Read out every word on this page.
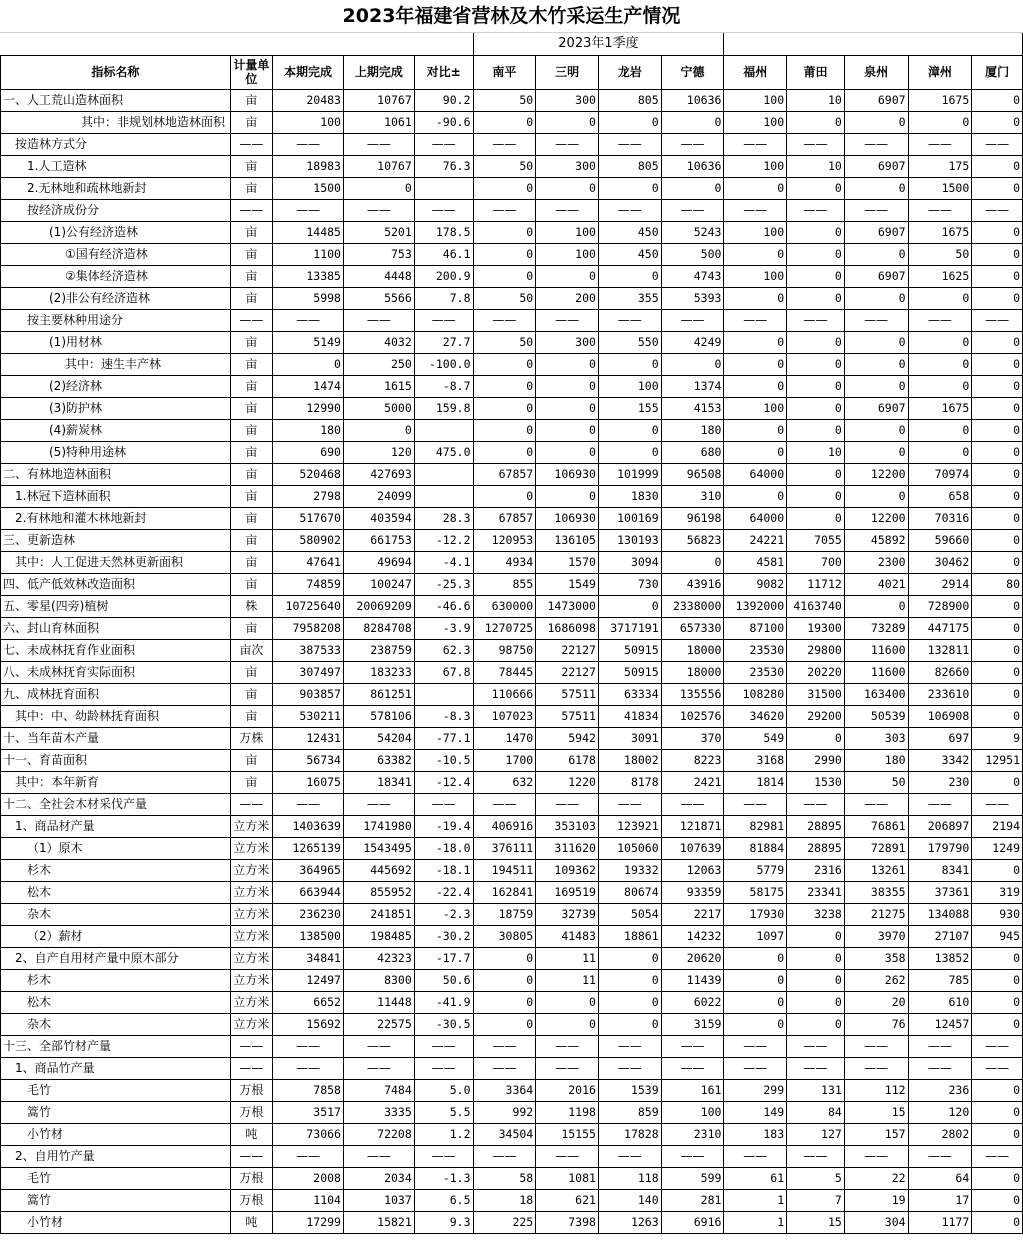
2023年福建省营林及木竹采运生产情况
					2023年1季度								
指标名称	计量单位	本期完成	上期完成	对比±	南平	三明	龙岩	宁德	福州	莆田	泉州	漳州	厦门
一、人工荒山造林面积	亩	20483	10767	90.2	50	300	805	10636	100	10	6907	1675	0
其中：非规划林地造林面积	亩	100	1061	-90.6	0	0	0	0	100	0	0	0	0
按造林方式分	——	——	——	——	——	——	——	——	——	——	——	——	——
1.人工造林	亩	18983	10767	76.3	50	300	805	10636	100	10	6907	175	0
2.无林地和疏林地新封	亩	1500	0		0	0	0	0	0	0	0	1500	0
按经济成份分	——	——	——	——	——	——	——	——	——	——	——	——	——
(1)公有经济造林	亩	14485	5201	178.5	0	100	450	5243	100	0	6907	1675	0
①国有经济造林	亩	1100	753	46.1	0	100	450	500	0	0	0	50	0
②集体经济造林	亩	13385	4448	200.9	0	0	0	4743	100	0	6907	1625	0
(2)非公有经济造林	亩	5998	5566	7.8	50	200	355	5393	0	0	0	0	0
按主要林种用途分	——	——	——	——	——	——	——	——	——	——	——	——	——
(1)用材林	亩	5149	4032	27.7	50	300	550	4249	0	0	0	0	0
其中：速生丰产林	亩	0	250	-100.0	0	0	0	0	0	0	0	0	0
(2)经济林	亩	1474	1615	-8.7	0	0	100	1374	0	0	0	0	0
(3)防护林	亩	12990	5000	159.8	0	0	155	4153	100	0	6907	1675	0
(4)薪炭林	亩	180	0		0	0	0	180	0	0	0	0	0
(5)特种用途林	亩	690	120	475.0	0	0	0	680	0	10	0	0	0
二、有林地造林面积	亩	520468	427693		67857	106930	101999	96508	64000	0	12200	70974	0
1.林冠下造林面积	亩	2798	24099		0	0	1830	310	0	0	0	658	0
2.有林地和灌木林地新封	亩	517670	403594	28.3	67857	106930	100169	96198	64000	0	12200	70316	0
三、更新造林	亩	580902	661753	-12.2	120953	136105	130193	56823	24221	7055	45892	59660	0
其中：人工促进天然林更新面积	亩	47641	49694	-4.1	4934	1570	3094	0	4581	700	2300	30462	0
四、低产低效林改造面积	亩	74859	100247	-25.3	855	1549	730	43916	9082	11712	4021	2914	80
五、零星(四旁)植树	株	10725640	20069209	-46.6	630000	1473000	0	2338000	1392000	4163740	0	728900	0
六、封山育林面积	亩	7958208	8284708	-3.9	1270725	1686098	3717191	657330	87100	19300	73289	447175	0
七、未成林抚育作业面积	亩次	387533	238759	62.3	98750	22127	50915	18000	23530	29800	11600	132811	0
八、未成林抚育实际面积	亩	307497	183233	67.8	78445	22127	50915	18000	23530	20220	11600	82660	0
九、成林抚育面积	亩	903857	861251		110666	57511	63334	135556	108280	31500	163400	233610	0
其中：中、幼龄林抚育面积	亩	530211	578106	-8.3	107023	57511	41834	102576	34620	29200	50539	106908	0
十、当年苗木产量	万株	12431	54204	-77.1	1470	5942	3091	370	549	0	303	697	9
十一、育苗面积	亩	56734	63382	-10.5	1700	6178	18002	8223	3168	2990	180	3342	12951
其中：本年新育	亩	16075	18341	-12.4	632	1220	8178	2421	1814	1530	50	230	0
十二、全社会木材采伐产量	——	——	——	——	——	——	——	——	——	——	——	——	——
1、商品材产量	立方米	1403639	1741980	-19.4	406916	353103	123921	121871	82981	28895	76861	206897	2194
（1）原木	立方米	1265139	1543495	-18.0	376111	311620	105060	107639	81884	28895	72891	179790	1249
杉木	立方米	364965	445692	-18.1	194511	109362	19332	12063	5779	2316	13261	8341	0
松木	立方米	663944	855952	-22.4	162841	169519	80674	93359	58175	23341	38355	37361	319
杂木	立方米	236230	241851	-2.3	18759	32739	5054	2217	17930	3238	21275	134088	930
（2）薪材	立方米	138500	198485	-30.2	30805	41483	18861	14232	1097	0	3970	27107	945
2、自产自用材产量中原木部分	立方米	34841	42323	-17.7	0	11	0	20620	0	0	358	13852	0
杉木	立方米	12497	8300	50.6	0	11	0	11439	0	0	262	785	0
松木	立方米	6652	11448	-41.9	0	0	0	6022	0	0	20	610	0
杂木	立方米	15692	22575	-30.5	0	0	0	3159	0	0	76	12457	0
十三、全部竹材产量	——	——	——	——	——	——	——	——	——	——	——	——	——
1、商品竹产量	——	——	——	——	——	——	——	——	——	——	——	——	——
毛竹	万根	7858	7484	5.0	3364	2016	1539	161	299	131	112	236	0
篙竹	万根	3517	3335	5.5	992	1198	859	100	149	84	15	120	0
小竹材	吨	73066	72208	1.2	34504	15155	17828	2310	183	127	157	2802	0
2、自用竹产量	——	——	——	——	——	——	——	——	——	——	——	——	——
毛竹	万根	2008	2034	-1.3	58	1081	118	599	61	5	22	64	0
篙竹	万根	1104	1037	6.5	18	621	140	281	1	7	19	17	0
小竹材	吨	17299	15821	9.3	225	7398	1263	6916	1	15	304	1177	0
